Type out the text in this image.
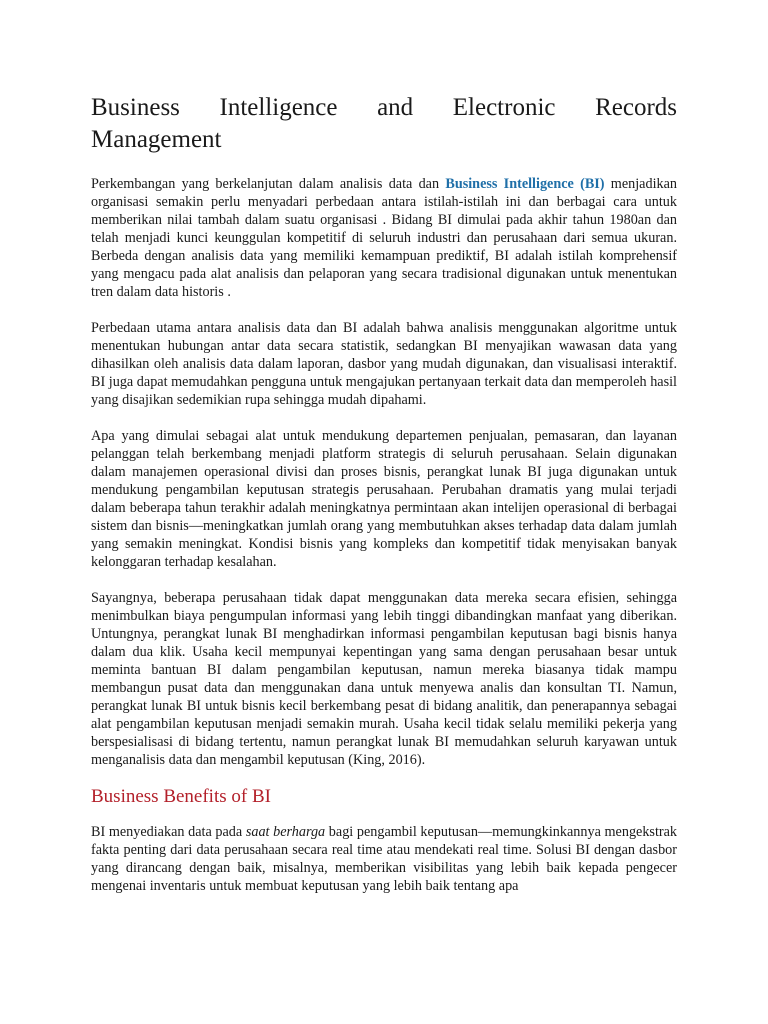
Business Intelligence and Electronic Records Management

Perkembangan yang berkelanjutan dalam analisis data dan Business Intelligence (BI) menjadikan organisasi semakin perlu menyadari perbedaan antara istilah-istilah ini dan berbagai cara untuk memberikan nilai tambah dalam suatu organisasi . Bidang BI dimulai pada akhir tahun 1980an dan telah menjadi kunci keunggulan kompetitif di seluruh industri dan perusahaan dari semua ukuran. Berbeda dengan analisis data yang memiliki kemampuan prediktif, BI adalah istilah komprehensif yang mengacu pada alat analisis dan pelaporan yang secara tradisional digunakan untuk menentukan tren dalam data historis .

Perbedaan utama antara analisis data dan BI adalah bahwa analisis menggunakan algoritme untuk menentukan hubungan antar data secara statistik, sedangkan BI menyajikan wawasan data yang dihasilkan oleh analisis data dalam laporan, dasbor yang mudah digunakan, dan visualisasi interaktif. BI juga dapat memudahkan pengguna untuk mengajukan pertanyaan terkait data dan memperoleh hasil yang disajikan sedemikian rupa sehingga mudah dipahami.

Apa yang dimulai sebagai alat untuk mendukung departemen penjualan, pemasaran, dan layanan pelanggan telah berkembang menjadi platform strategis di seluruh perusahaan. Selain digunakan dalam manajemen operasional divisi dan proses bisnis, perangkat lunak BI juga digunakan untuk mendukung pengambilan keputusan strategis perusahaan. Perubahan dramatis yang mulai terjadi dalam beberapa tahun terakhir adalah meningkatnya permintaan akan intelijen operasional di berbagai sistem dan bisnis—meningkatkan jumlah orang yang membutuhkan akses terhadap data dalam jumlah yang semakin meningkat. Kondisi bisnis yang kompleks dan kompetitif tidak menyisakan banyak kelonggaran terhadap kesalahan.

Sayangnya, beberapa perusahaan tidak dapat menggunakan data mereka secara efisien, sehingga menimbulkan biaya pengumpulan informasi yang lebih tinggi dibandingkan manfaat yang diberikan. Untungnya, perangkat lunak BI menghadirkan informasi pengambilan keputusan bagi bisnis hanya dalam dua klik. Usaha kecil mempunyai kepentingan yang sama dengan perusahaan besar untuk meminta bantuan BI dalam pengambilan keputusan, namun mereka biasanya tidak mampu membangun pusat data dan menggunakan dana untuk menyewa analis dan konsultan TI. Namun, perangkat lunak BI untuk bisnis kecil berkembang pesat di bidang analitik, dan penerapannya sebagai alat pengambilan keputusan menjadi semakin murah. Usaha kecil tidak selalu memiliki pekerja yang berspesialisasi di bidang tertentu, namun perangkat lunak BI memudahkan seluruh karyawan untuk menganalisis data dan mengambil keputusan (King, 2016).

Business Benefits of BI

BI menyediakan data pada saat berharga bagi pengambil keputusan—memungkinkannya mengekstrak fakta penting dari data perusahaan secara real time atau mendekati real time. Solusi BI dengan dasbor yang dirancang dengan baik, misalnya, memberikan visibilitas yang lebih baik kepada pengecer mengenai inventaris untuk membuat keputusan yang lebih baik tentang apa
